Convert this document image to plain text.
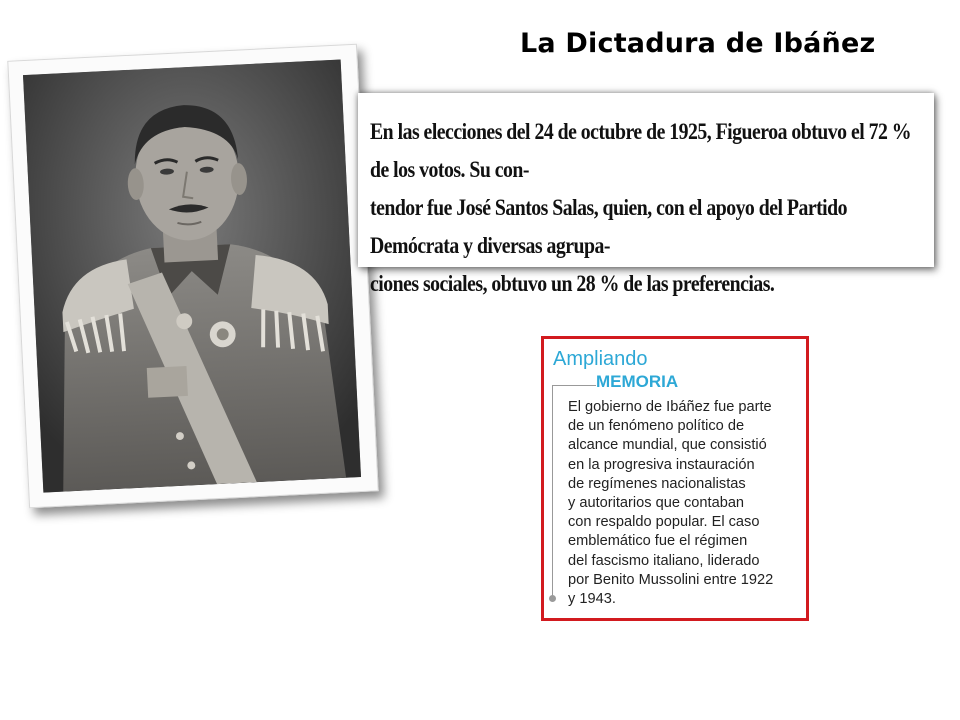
La Dictadura de Ibáñez
En las elecciones del 24 de octubre de 1925, Figueroa obtuvo el 72 % de los votos. Su con-
tendor fue José Santos Salas, quien, con el apoyo del Partido Demócrata y diversas agrupa-
ciones sociales, obtuvo un 28 % de las preferencias.
Ampliando
MEMORIA
El gobierno de Ibáñez fue parte
de un fenómeno político de
alcance mundial, que consistió
en la progresiva instauración
de regímenes nacionalistas
y autoritarios que contaban
con respaldo popular. El caso
emblemático fue el régimen
del fascismo italiano, liderado
por Benito Mussolini entre 1922
y 1943.
